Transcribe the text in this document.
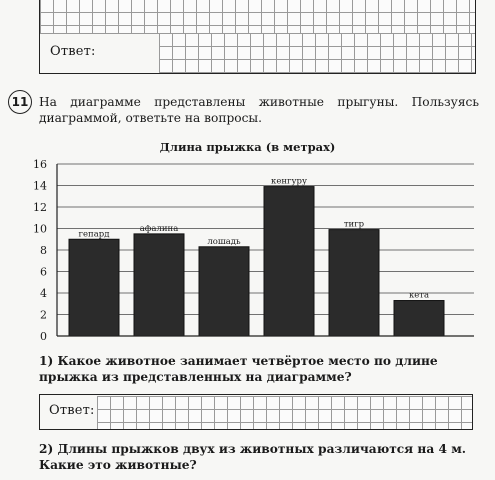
Ответ:
11 На диаграмме представлены животные прыгуны. Пользуясь диаграммой, ответьте на вопросы.
Длина прыжка (в метрах)
гепард
афалина
лошадь
кенгуру
тигр
кета
0
2
4
6
8
10
12
14
16
1) Какое животное занимает четвёртое место по длине прыжка из представленных на диаграмме?
Ответ:
2) Длины прыжков двух из животных различаются на 4 м. Какие это животные?
